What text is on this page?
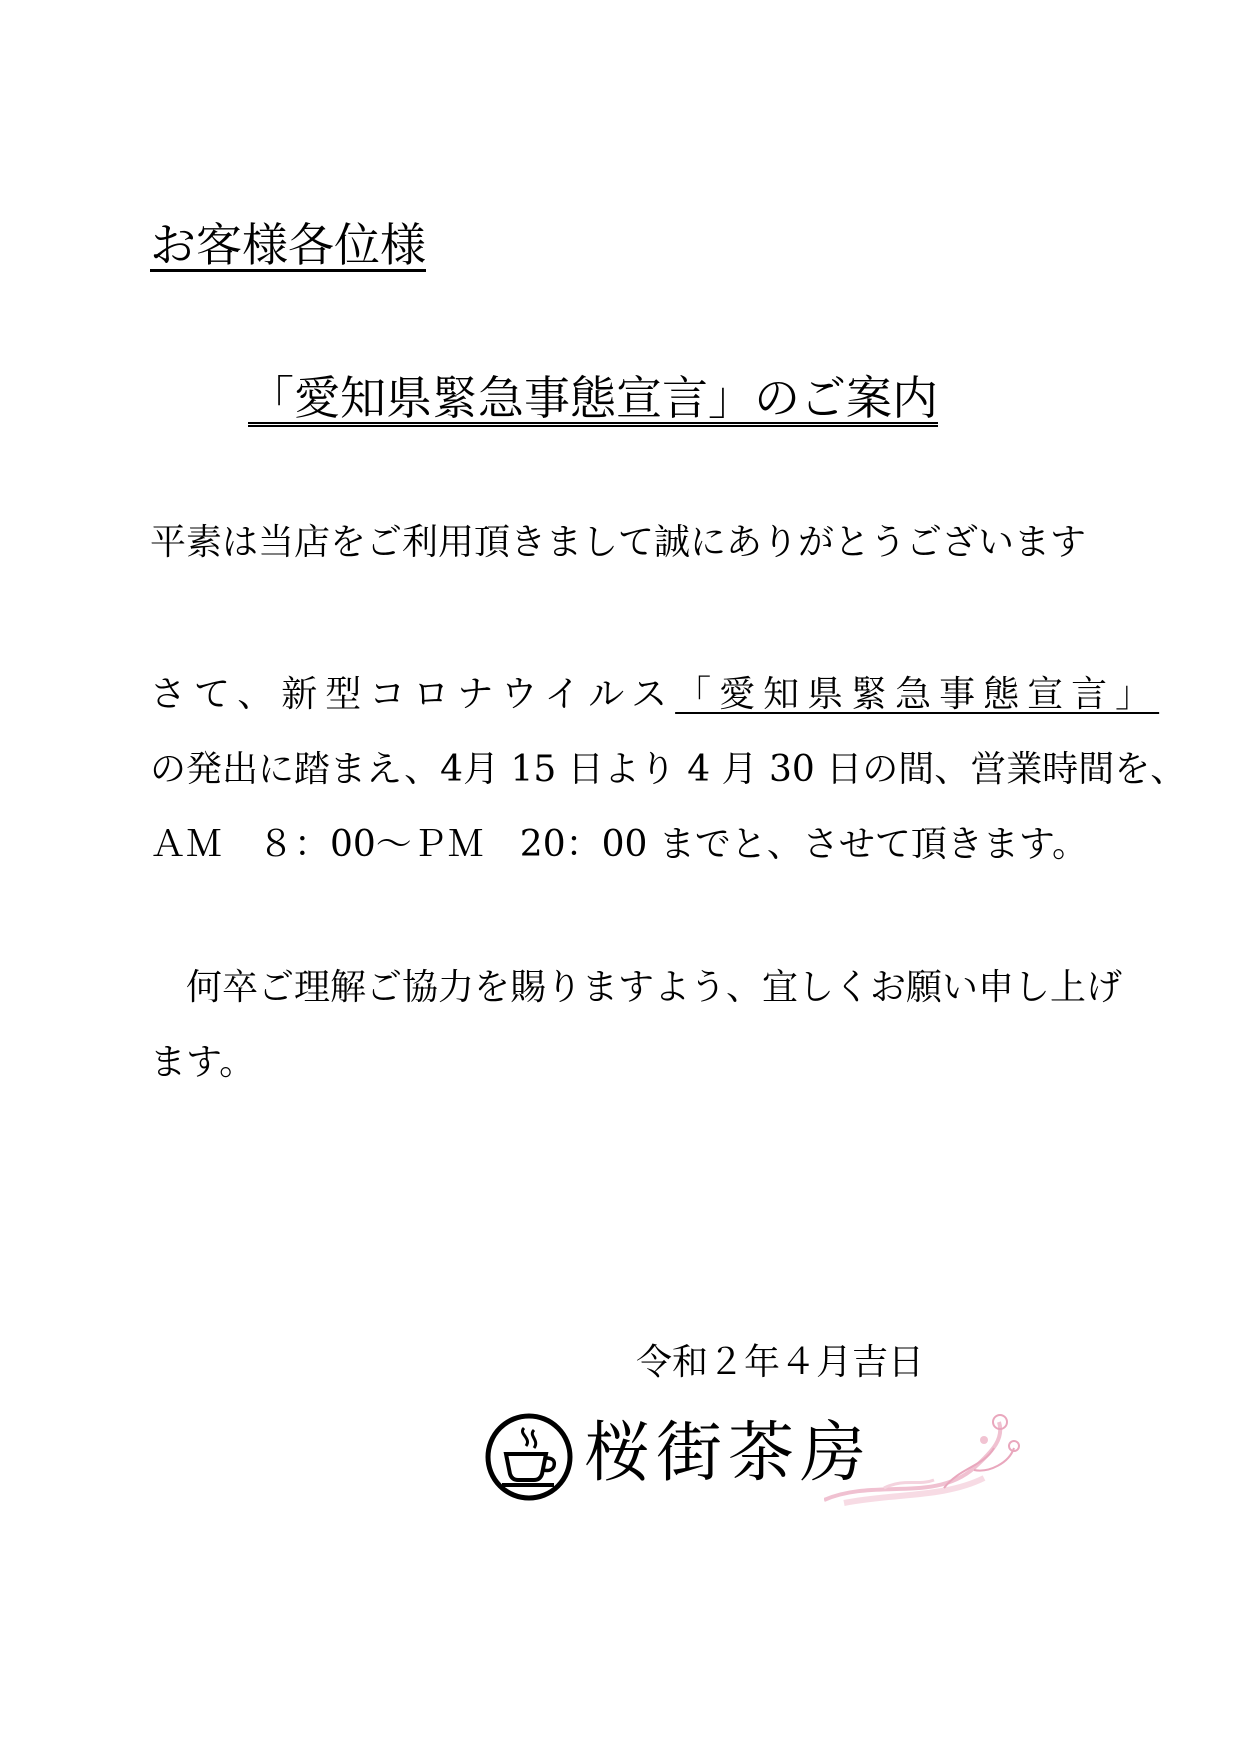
お客様各位様
「愛知県緊急事態宣言」のご案内
平素は当店をご利用頂きまして誠にありがとうございます
さて、新型コロナウイルス「愛知県緊急事態宣言」
の発出に踏まえ、4月 15 日より 4 月 30 日の間、営業時間を、
ＡＭ　８：00～ＰＭ　20：00 までと、させて頂きます。
　何卒ご理解ご協力を賜りますよう、宜しくお願い申し上げ
ます。
令和２年４月吉日
桜街茶房
